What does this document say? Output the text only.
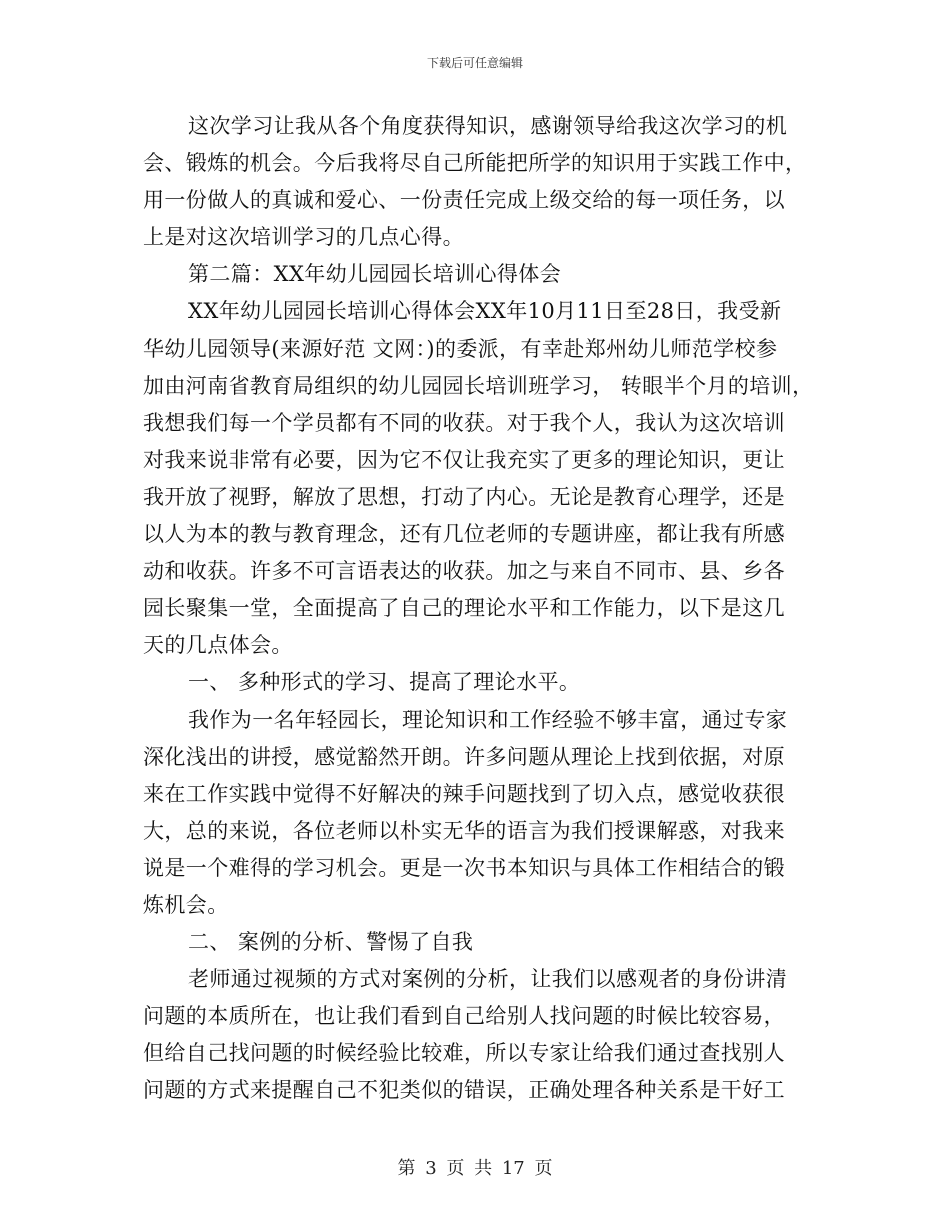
下载后可任意编辑
这次学习让我从各个角度获得知识，感谢领导给我这次学习的机
会、锻炼的机会。今后我将尽自己所能把所学的知识用于实践工作中，
用一份做人的真诚和爱心、一份责任完成上级交给的每一项任务，以
上是对这次培训学习的几点心得。
第二篇：XX年幼儿园园长培训心得体会
XX年幼儿园园长培训心得体会XX年10月11日至28日，我受新
华幼儿园领导(来源好范 文网：)的委派，有幸赴郑州幼儿师范学校参
加由河南省教育局组织的幼儿园园长培训班学习， 转眼半个月的培训，
我想我们每一个学员都有不同的收获。对于我个人，我认为这次培训
对我来说非常有必要，因为它不仅让我充实了更多的理论知识，更让
我开放了视野，解放了思想，打动了内心。无论是教育心理学，还是
以人为本的教与教育理念，还有几位老师的专题讲座，都让我有所感
动和收获。许多不可言语表达的收获。加之与来自不同市、县、乡各
园长聚集一堂，全面提高了自己的理论水平和工作能力，以下是这几
天的几点体会。
一、 多种形式的学习、提高了理论水平。
我作为一名年轻园长，理论知识和工作经验不够丰富，通过专家
深化浅出的讲授，感觉豁然开朗。许多问题从理论上找到依据，对原
来在工作实践中觉得不好解决的辣手问题找到了切入点，感觉收获很
大，总的来说，各位老师以朴实无华的语言为我们授课解惑，对我来
说是一个难得的学习机会。更是一次书本知识与具体工作相结合的锻
炼机会。
二、 案例的分析、警惕了自我
老师通过视频的方式对案例的分析，让我们以感观者的身份讲清
问题的本质所在，也让我们看到自己给别人找问题的时候比较容易，
但给自己找问题的时候经验比较难，所以专家让给我们通过查找别人
问题的方式来提醒自己不犯类似的错误，正确处理各种关系是干好工
第 3 页 共 17 页
